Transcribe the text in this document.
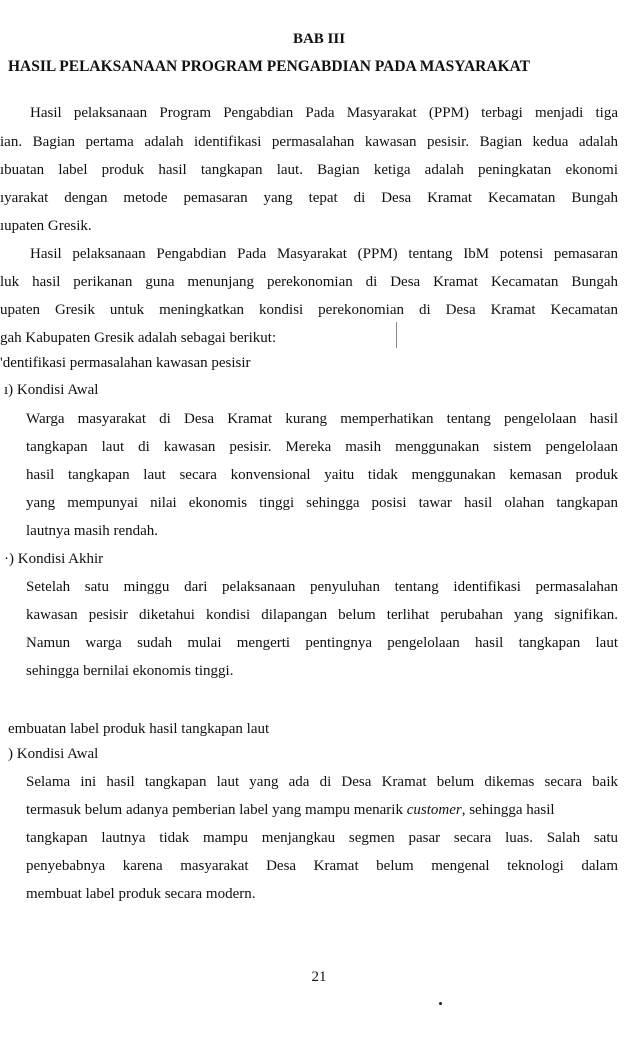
BAB III
HASIL PELAKSANAAN PROGRAM PENGABDIAN PADA MASYARAKAT
Hasil pelaksanaan Program Pengabdian Pada Masyarakat (PPM) terbagi menjadi tiga
ian. Bagian pertama adalah identifikasi permasalahan kawasan pesisir. Bagian kedua adalah
ıbuatan label produk hasil tangkapan laut. Bagian ketiga adalah peningkatan ekonomi
ıyarakat dengan metode pemasaran yang tepat di Desa Kramat Kecamatan Bungah
ıupaten Gresik.
Hasil pelaksanaan Pengabdian Pada Masyarakat (PPM) tentang IbM potensi pemasaran
luk hasil perikanan guna menunjang perekonomian di Desa Kramat Kecamatan Bungah
upaten Gresik untuk meningkatkan kondisi perekonomian di Desa Kramat Kecamatan
gah Kabupaten Gresik adalah sebagai berikut:
'dentifikasi permasalahan kawasan pesisir
ı) Kondisi Awal
Warga masyarakat di Desa Kramat kurang memperhatikan tentang pengelolaan hasil
tangkapan laut di kawasan pesisir. Mereka masih menggunakan sistem pengelolaan
hasil tangkapan laut secara konvensional yaitu tidak menggunakan kemasan produk
yang mempunyai nilai ekonomis tinggi sehingga posisi tawar hasil olahan tangkapan
lautnya masih rendah.
·) Kondisi Akhir
Setelah satu minggu dari pelaksanaan penyuluhan tentang identifikasi permasalahan
kawasan pesisir diketahui kondisi dilapangan belum terlihat perubahan yang signifikan.
Namun warga sudah mulai mengerti pentingnya pengelolaan hasil tangkapan laut
sehingga bernilai ekonomis tinggi.
embuatan label produk hasil tangkapan laut
) Kondisi Awal
Selama ini hasil tangkapan laut yang ada di Desa Kramat belum dikemas secara baik
termasuk belum adanya pemberian label yang mampu menarik customer, sehingga hasil
tangkapan lautnya tidak mampu menjangkau segmen pasar secara luas. Salah satu
penyebabnya karena masyarakat Desa Kramat belum mengenal teknologi dalam
membuat label produk secara modern.
21
